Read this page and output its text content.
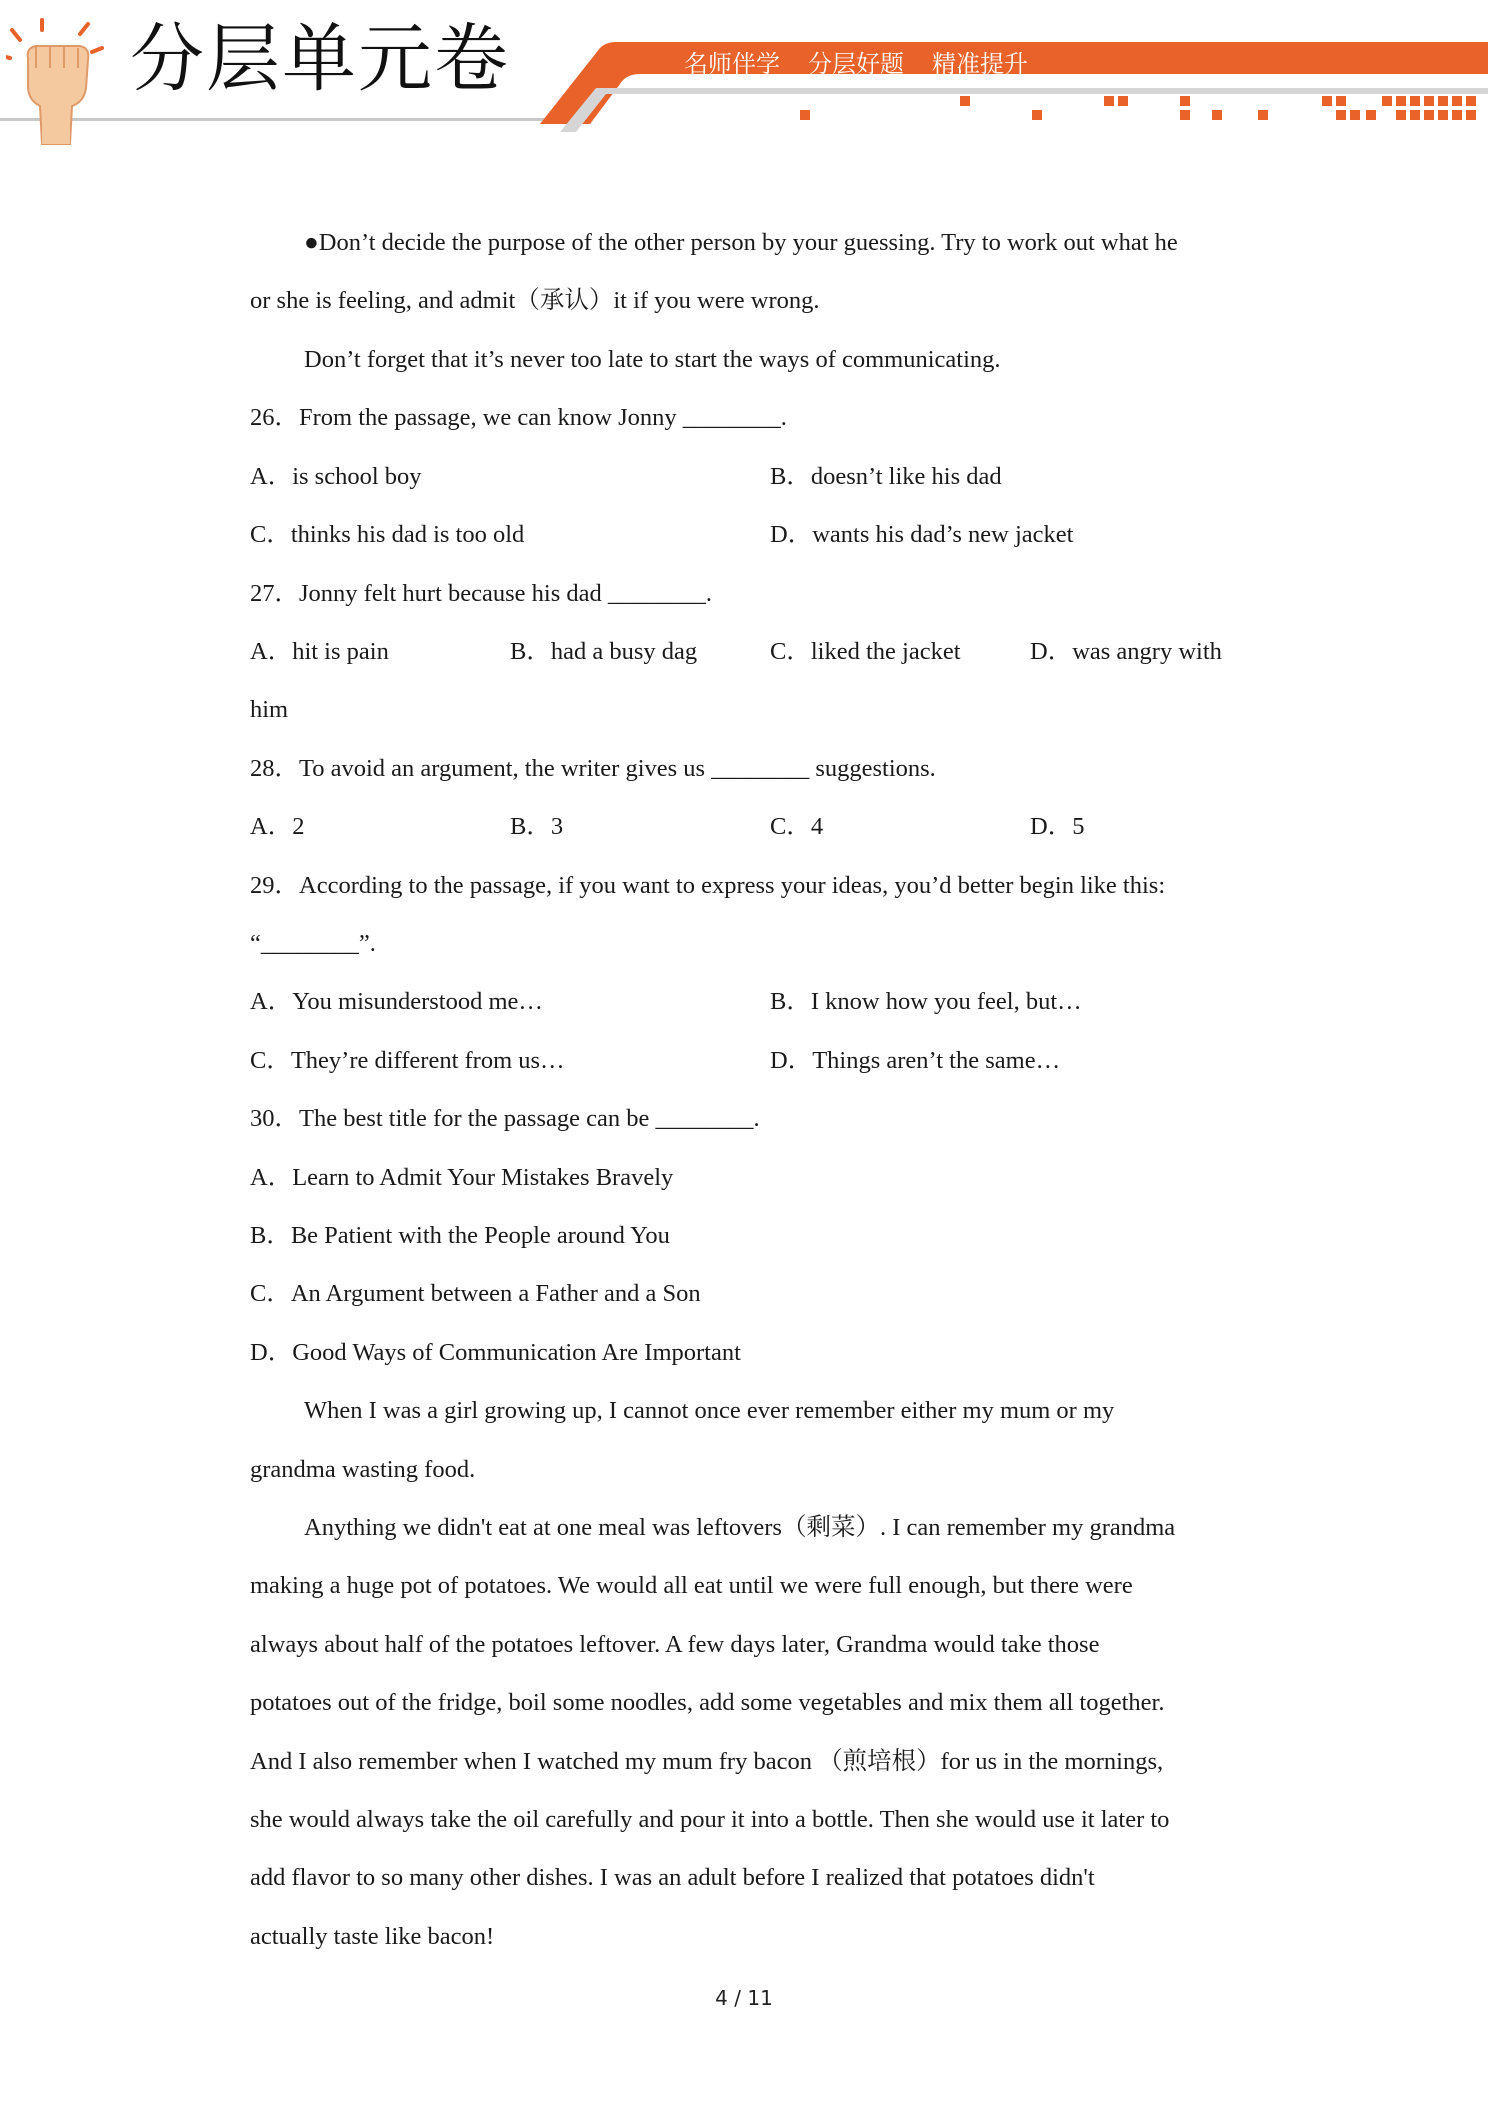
分层单元卷	名师伴学 分层好题 精准提升
●Don’t decide the purpose of the other person by your guessing. Try to work out what he
or she is feeling, and admit（承认）it if you were wrong.
Don’t forget that it’s never too late to start the ways of communicating.
26．From the passage, we can know Jonny ________.
A．is school boy	B．doesn’t like his dad
C．thinks his dad is too old	D．wants his dad’s new jacket
27．Jonny felt hurt because his dad ________.
A．hit is pain	B．had a busy dag	C．liked the jacket	D．was angry with
him
28．To avoid an argument, the writer gives us ________ suggestions.
A．2	B．3	C．4	D．5
29．According to the passage, if you want to express your ideas, you’d better begin like this:
“________”.
A．You misunderstood me…	B．I know how you feel, but…
C．They’re different from us…	D．Things aren’t the same…
30．The best title for the passage can be ________.
A．Learn to Admit Your Mistakes Bravely
B．Be Patient with the People around You
C．An Argument between a Father and a Son
D．Good Ways of Communication Are Important
When I was a girl growing up, I cannot once ever remember either my mum or my
grandma wasting food.
Anything we didn't eat at one meal was leftovers（剩菜）. I can remember my grandma
making a huge pot of potatoes. We would all eat until we were full enough, but there were
always about half of the potatoes leftover. A few days later, Grandma would take those
potatoes out of the fridge, boil some noodles, add some vegetables and mix them all together.
And I also remember when I watched my mum fry bacon （煎培根）for us in the mornings,
she would always take the oil carefully and pour it into a bottle. Then she would use it later to
add flavor to so many other dishes. I was an adult before I realized that potatoes didn't
actually taste like bacon!
4 / 11
